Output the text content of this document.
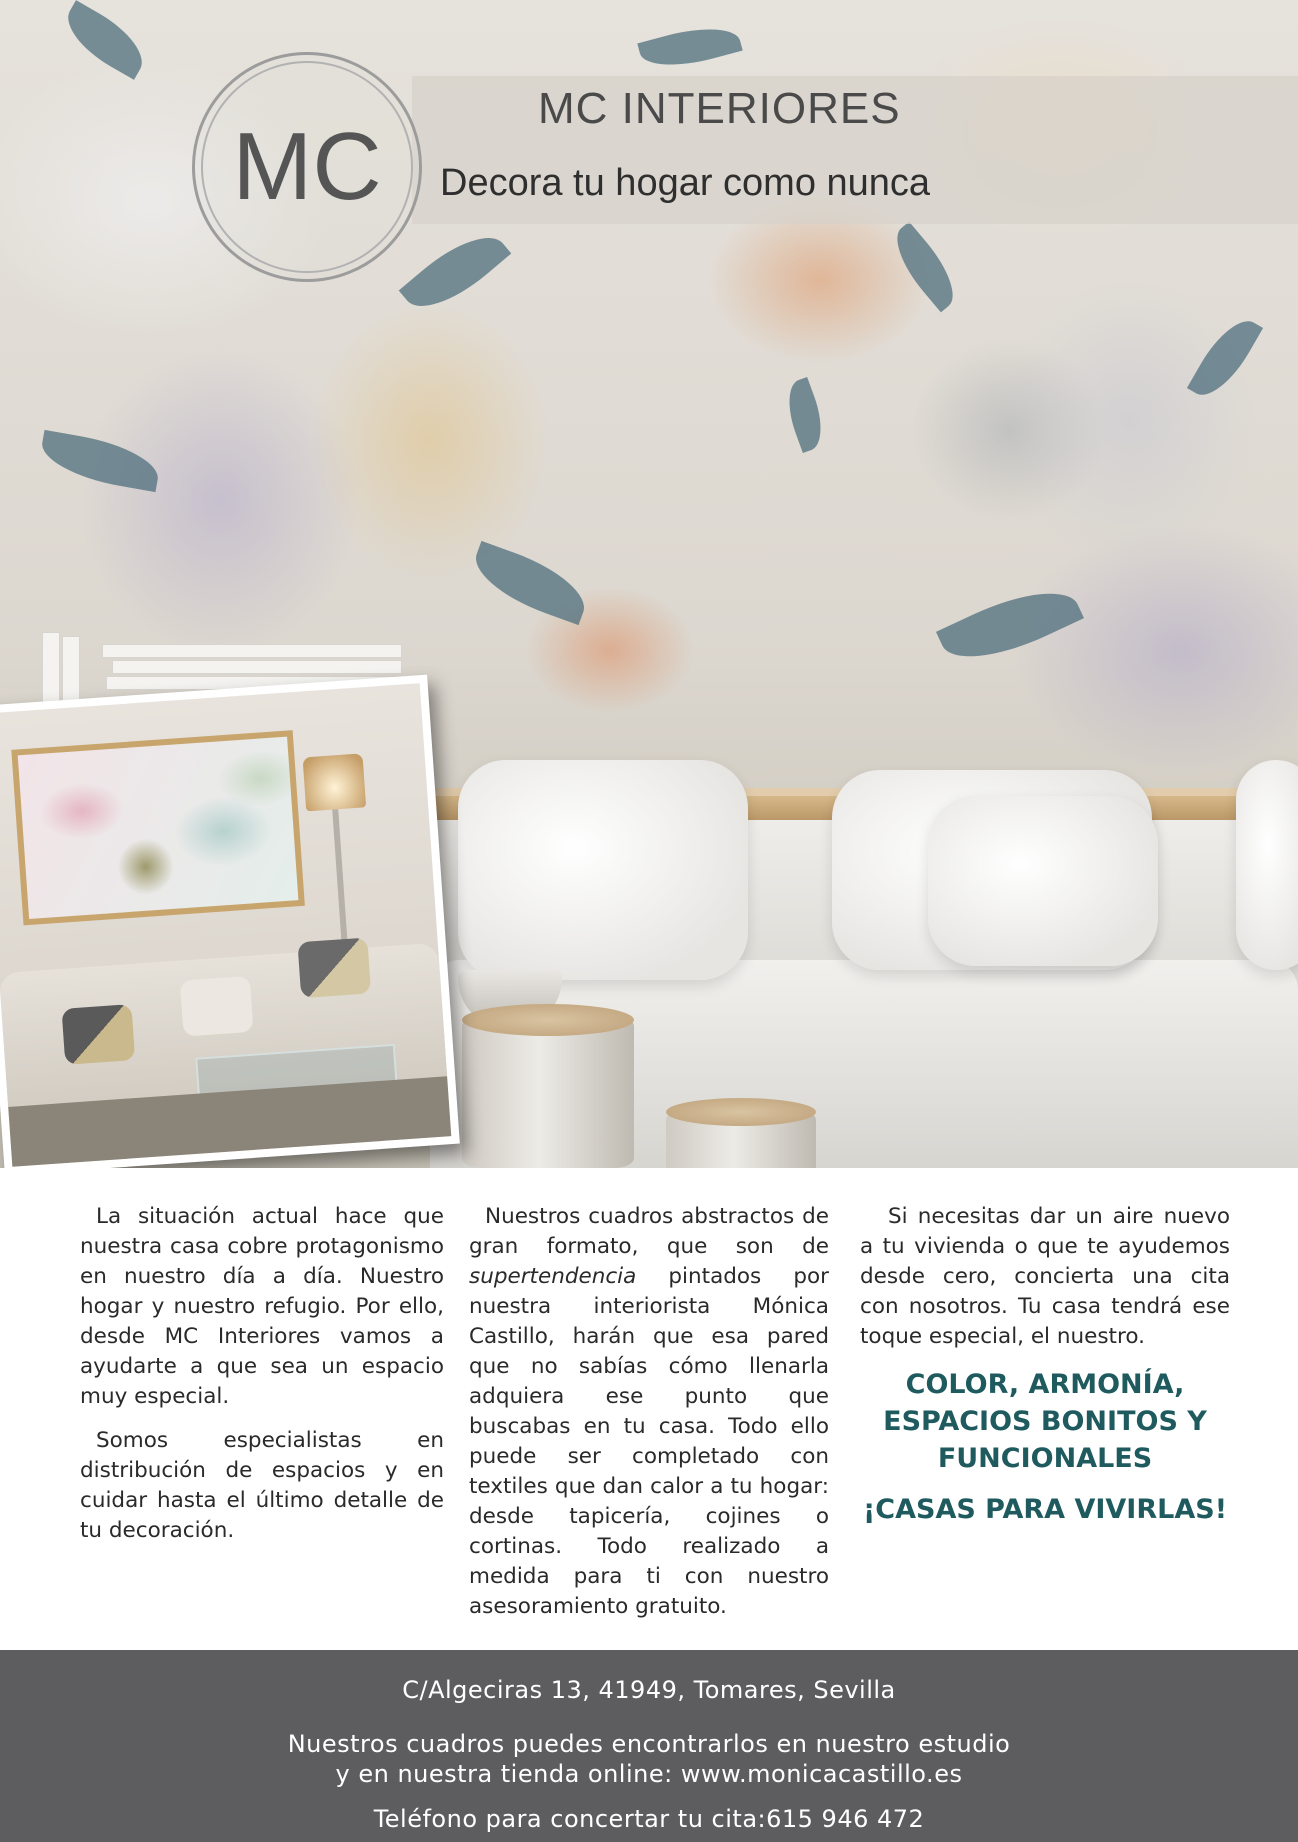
MC
MC INTERIORES
Decora tu hogar como nunca

La situación actual hace que nuestra casa cobre protagonismo en nuestro día a día. Nuestro hogar y nuestro refugio. Por ello, desde MC Interiores vamos a ayudarte a que sea un espacio muy especial.

Somos especialistas en distribución de espacios y en cuidar hasta el último detalle de tu decoración.

Nuestros cuadros abstractos de gran formato, que son de supertendencia pintados por nuestra interiorista Mónica Castillo, harán que esa pared que no sabías cómo llenarla adquiera ese punto que buscabas en tu casa. Todo ello puede ser completado con textiles que dan calor a tu hogar: desde tapicería, cojines o cortinas. Todo realizado a medida para ti con nuestro asesoramiento gratuito.

Si necesitas dar un aire nuevo a tu vivienda o que te ayudemos desde cero, concierta una cita con nosotros. Tu casa tendrá ese toque especial, el nuestro.

COLOR, ARMONÍA, ESPACIOS BONITOS Y FUNCIONALES
¡CASAS PARA VIVIRLAS!
C/Algeciras 13, 41949, Tomares, Sevilla
Nuestros cuadros puedes encontrarlos en nuestro estudio
y en nuestra tienda online: www.monicacastillo.es
Teléfono para concertar tu cita:615 946 472
